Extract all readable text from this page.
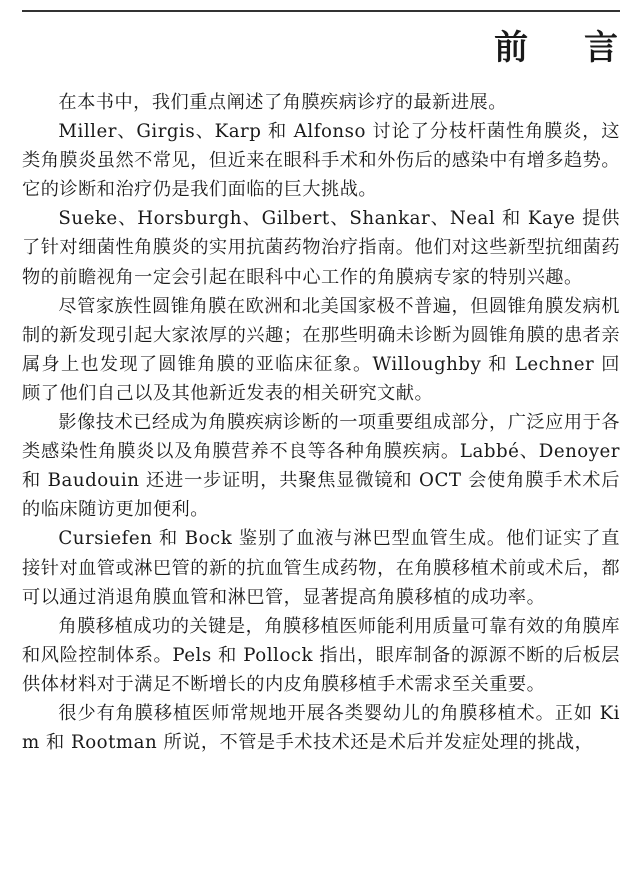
前 言

在本书中，我们重点阐述了角膜疾病诊疗的最新进展。

Miller、Girgis、Karp 和 Alfonso 讨论了分枝杆菌性角膜炎，这类角膜炎虽然不常见，但近来在眼科手术和外伤后的感染中有增多趋势。它的诊断和治疗仍是我们面临的巨大挑战。

Sueke、Horsburgh、Gilbert、Shankar、Neal 和 Kaye 提供了针对细菌性角膜炎的实用抗菌药物治疗指南。他们对这些新型抗细菌药物的前瞻视角一定会引起在眼科中心工作的角膜病专家的特别兴趣。

尽管家族性圆锥角膜在欧洲和北美国家极不普遍，但圆锥角膜发病机制的新发现引起大家浓厚的兴趣；在那些明确未诊断为圆锥角膜的患者亲属身上也发现了圆锥角膜的亚临床征象。Willoughby 和 Lechner 回顾了他们自己以及其他新近发表的相关研究文献。

影像技术已经成为角膜疾病诊断的一项重要组成部分，广泛应用于各类感染性角膜炎以及角膜营养不良等各种角膜疾病。Labbé、Denoyer 和 Baudouin 还进一步证明，共聚焦显微镜和 OCT 会使角膜手术术后的临床随访更加便利。

Cursiefen 和 Bock 鉴别了血液与淋巴型血管生成。他们证实了直接针对血管或淋巴管的新的抗血管生成药物，在角膜移植术前或术后，都可以通过消退角膜血管和淋巴管，显著提高角膜移植的成功率。

角膜移植成功的关键是，角膜移植医师能利用质量可靠有效的角膜库和风险控制体系。Pels 和 Pollock 指出，眼库制备的源源不断的后板层供体材料对于满足不断增长的内皮角膜移植手术需求至关重要。

很少有角膜移植医师常规地开展各类婴幼儿的角膜移植术。正如 Kim 和 Rootman 所说，不管是手术技术还是术后并发症处理的挑战，
